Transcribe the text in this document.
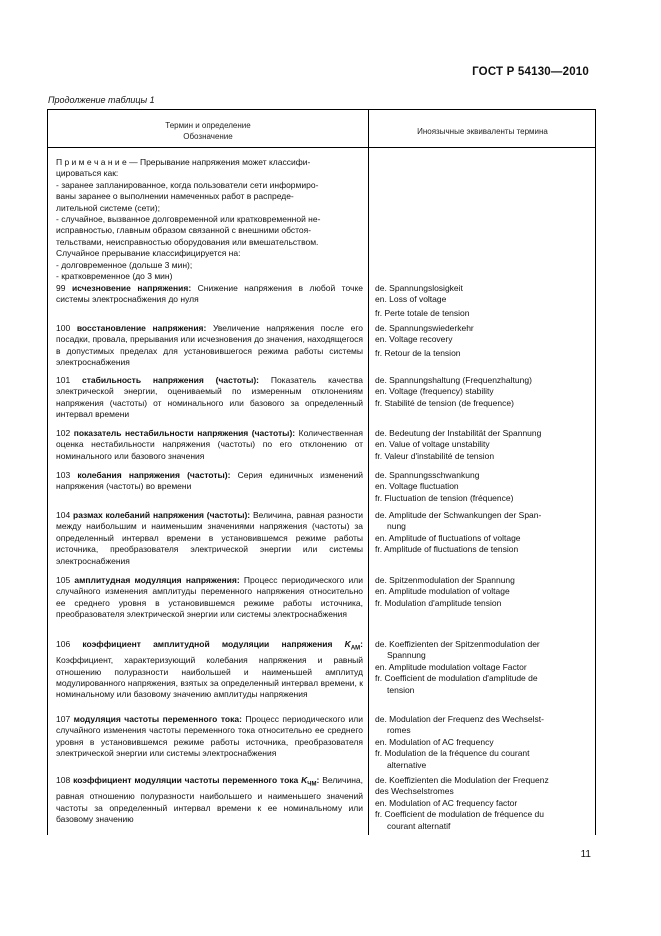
ГОСТ Р 54130—2010
Продолжение таблицы 1
Термин и определение
Обозначение
Иноязычные эквиваленты термина
П р и м е ч а н и е — Прерывание напряжения может классифи-
цироваться как:
- заранее запланированное, когда пользователи сети информиро-
ваны заранее о выполнении намеченных работ в распреде-
лительной системе (сети);
- случайное, вызванное долговременной или кратковременной не-
исправностью, главным образом связанной с внешними обстоя-
тельствами, неисправностью оборудования или вмешательством.
Случайное прерывание классифицируется на:
- долговременное (дольше 3 мин);
- кратковременное (до 3 мин)
99 исчезновение напряжения: Снижение напряжения в любой точке системы электроснабжения до нуля
de. Spannungslosigkeit
en. Loss of voltage
fr. Perte totale de tension
100 восстановление напряжения: Увеличение напряжения после его посадки, провала, прерывания или исчезновения до значения, находящегося в допустимых пределах для установившегося режима работы системы электроснабжения
de. Spannungswiederkehr
en. Voltage recovery
fr. Retour de la tension
101 стабильность напряжения (частоты): Показатель качества электрической энергии, оцениваемый по измеренным отклонениям напряжения (частоты) от номинального или базового за определенный интервал времени
de. Spannungshaltung (Frequenzhaltung)
en. Voltage (frequency) stability
fr. Stabilité de tension (de frequence)
102 показатель нестабильности напряжения (частоты): Количественная оценка нестабильности напряжения (частоты) по его отклонению от номинального или базового значения
de. Bedeutung der Instabilität der Spannung
en. Value of voltage unstability
fr. Valeur d'instabilité de tension
103 колебания напряжения (частоты): Серия единичных изменений напряжения (частоты) во времени
de. Spannungsschwankung
en. Voltage fluctuation
fr. Fluctuation de tension (fréquence)
104 размах колебаний напряжения (частоты): Величина, равная разности между наибольшим и наименьшим значениями напряжения (частоты) за определенный интервал времени в установившемся режиме работы источника, преобразователя электрической энергии или системы электроснабжения
de. Amplitude der Schwankungen der Span-
nung
en. Amplitude of fluctuations of voltage
fr. Amplitude of fluctuations de tension
105 амплитудная модуляция напряжения: Процесс периодического или случайного изменения амплитуды переменного напряжения относительно ее среднего уровня в установившемся режиме работы источника, преобразователя электрической энергии или системы электроснабжения
de. Spitzenmodulation der Spannung
en. Amplitude modulation of voltage
fr. Modulation d'amplitude tension
106 коэффициент амплитудной модуляции напряжения $K_{AM}$: Коэффициент, характеризующий колебания напряжения и равный отношению полуразности наибольшей и наименьшей амплитуд модулированного напряжения, взятых за определенный интервал времени, к номинальному или базовому значению амплитуды напряжения
de. Koeffizienten der Spitzenmodulation der
Spannung
en. Amplitude modulation voltage Factor
fr. Coefficient de modulation d'amplitude de
tension
107 модуляция частоты переменного тока: Процесс периодического или случайного изменения частоты переменного тока относительно ее среднего уровня в установившемся режиме работы источника, преобразователя электрической энергии или системы электроснабжения
de. Modulation der Frequenz des Wechselst-
romes
en. Modulation of AC frequency
fr. Modulation de la fréquence du courant
alternative
108 коэффициент модуляции частоты переменного тока $K_{ЧМ}$: Величина, равная отношению полуразности наибольшего и наименьшего значений частоты за определенный интервал времени к ее номинальному или базовому значению
de. Koeffizienten die Modulation der Frequenz
des Wechselstromes
en. Modulation of AC frequency factor
fr. Coefficient de modulation de fréquence du
courant alternatif
11
